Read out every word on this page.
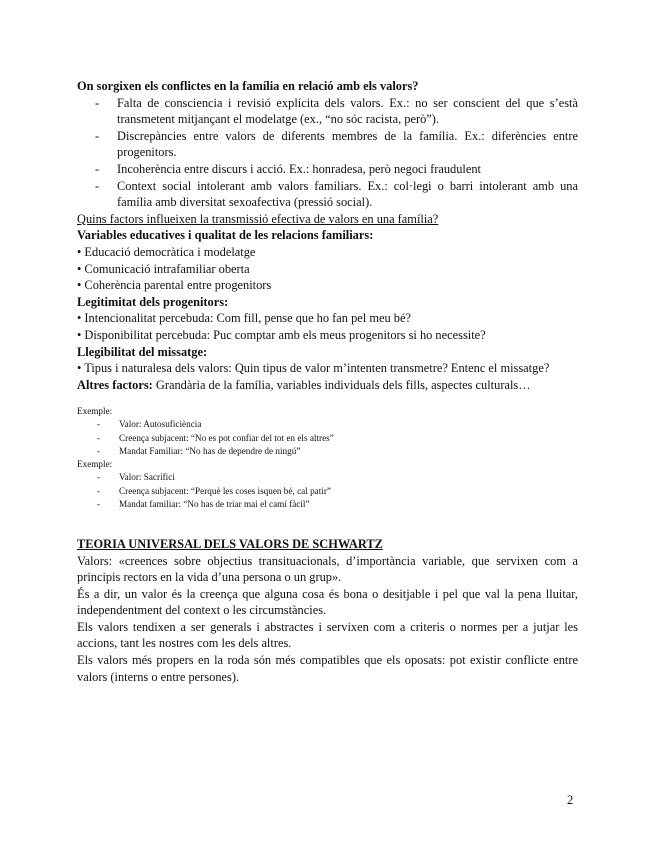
On sorgixen els conflictes en la família en relació amb els valors?

- Falta de consciencia i revisió explícita dels valors. Ex.: no ser conscient del que s’està transmetent mitjançant el modelatge (ex., “no sóc racista, però”).
- Discrepàncies entre valors de diferents membres de la família. Ex.: diferències entre progenitors.
- Incoherència entre discurs i acció. Ex.: honradesa, però negoci fraudulent
- Context social intolerant amb valors familiars. Ex.: col·legi o barri intolerant amb una família amb diversitat sexoafectiva (pressió social).

Quins factors influeixen la transmissió efectiva de valors en una família?

Variables educatives i qualitat de les relacions familiars:

• Educació democràtica i modelatge

• Comunicació intrafamiliar oberta

• Coherència parental entre progenitors

Legitimitat dels progenitors:

• Intencionalitat percebuda: Com fill, pense que ho fan pel meu bé?

• Disponibilitat percebuda: Puc comptar amb els meus progenitors si ho necessite?

Llegibilitat del missatge:

• Tipus i naturalesa dels valors: Quin tipus de valor m’intenten transmetre? Entenc el missatge?

Altres factors: Grandària de la família, variables individuals dels fills, aspectes culturals…

Exemple:

- Valor: Autosuficiència
- Creença subjacent: “No es pot confiar del tot en els altres”
- Mandat Familiar: “No has de dependre de ningú”

Exemple:

- Valor: Sacrifici
- Creença subjacent: “Perquè les coses isquen bé, cal patir”
- Mandat familiar: “No has de triar mai el camí fàcil”

TEORIA UNIVERSAL DELS VALORS DE SCHWARTZ

Valors: «creences sobre objectius transituacionals, d’importància variable, que servixen com a principis rectors en la vida d’una persona o un grup».

És a dir, un valor és la creença que alguna cosa és bona o desitjable i pel que val la pena lluitar, independentment del context o les circumstàncies.

Els valors tendixen a ser generals i abstractes i servixen com a criteris o normes per a jutjar les accions, tant les nostres com les dels altres.

Els valors més propers en la roda són més compatibles que els oposats: pot existir conflicte entre valors (interns o entre persones).

2
